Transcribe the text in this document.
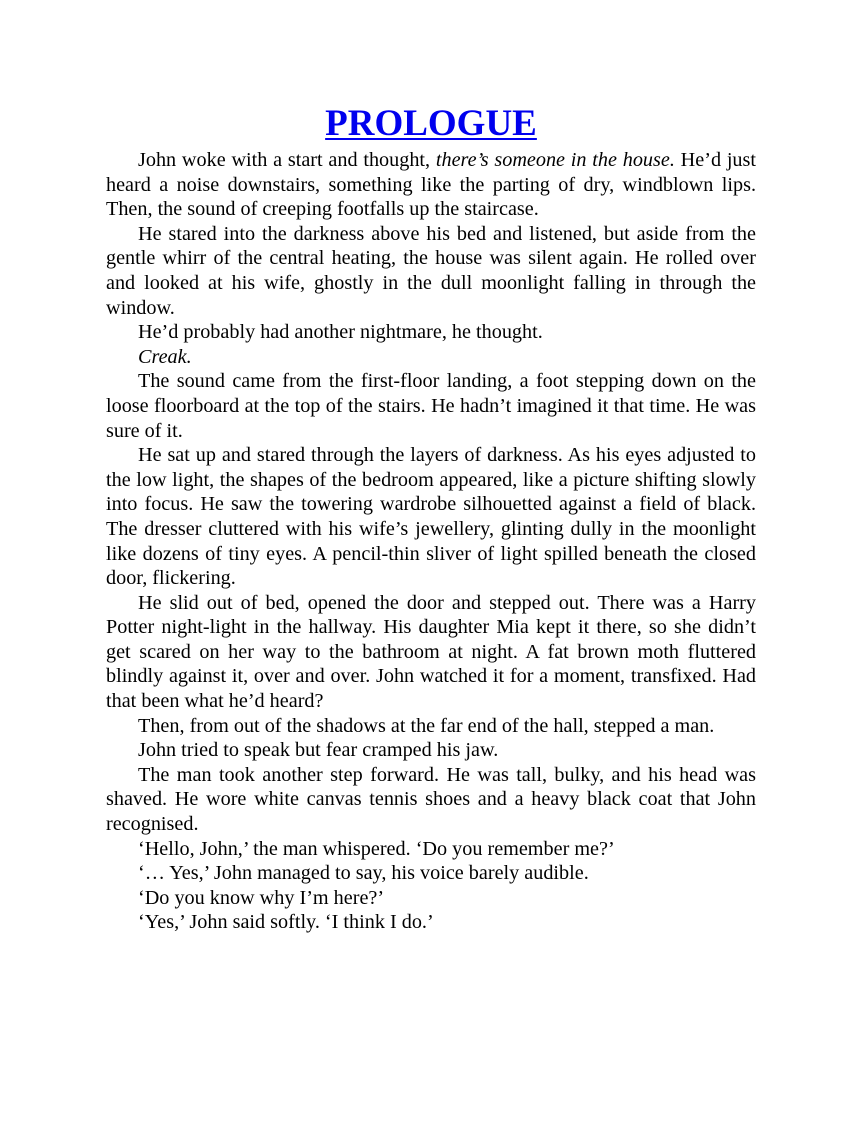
PROLOGUE

John woke with a start and thought, there’s someone in the house. He’d just heard a noise downstairs, something like the parting of dry, windblown lips. Then, the sound of creeping footfalls up the staircase.

He stared into the darkness above his bed and listened, but aside from the gentle whirr of the central heating, the house was silent again. He rolled over and looked at his wife, ghostly in the dull moonlight falling in through the window.

He’d probably had another nightmare, he thought.

Creak.

The sound came from the first-floor landing, a foot stepping down on the loose floorboard at the top of the stairs. He hadn’t imagined it that time. He was sure of it.

He sat up and stared through the layers of darkness. As his eyes adjusted to the low light, the shapes of the bedroom appeared, like a picture shifting slowly into focus. He saw the towering wardrobe silhouetted against a field of black. The dresser cluttered with his wife’s jewellery, glinting dully in the moonlight like dozens of tiny eyes. A pencil-thin sliver of light spilled beneath the closed door, flickering.

He slid out of bed, opened the door and stepped out. There was a Harry Potter night-light in the hallway. His daughter Mia kept it there, so she didn’t get scared on her way to the bathroom at night. A fat brown moth fluttered blindly against it, over and over. John watched it for a moment, transfixed. Had that been what he’d heard?

Then, from out of the shadows at the far end of the hall, stepped a man.

John tried to speak but fear cramped his jaw.

The man took another step forward. He was tall, bulky, and his head was shaved. He wore white canvas tennis shoes and a heavy black coat that John recognised.

‘Hello, John,’ the man whispered. ‘Do you remember me?’

‘… Yes,’ John managed to say, his voice barely audible.

‘Do you know why I’m here?’

‘Yes,’ John said softly. ‘I think I do.’
